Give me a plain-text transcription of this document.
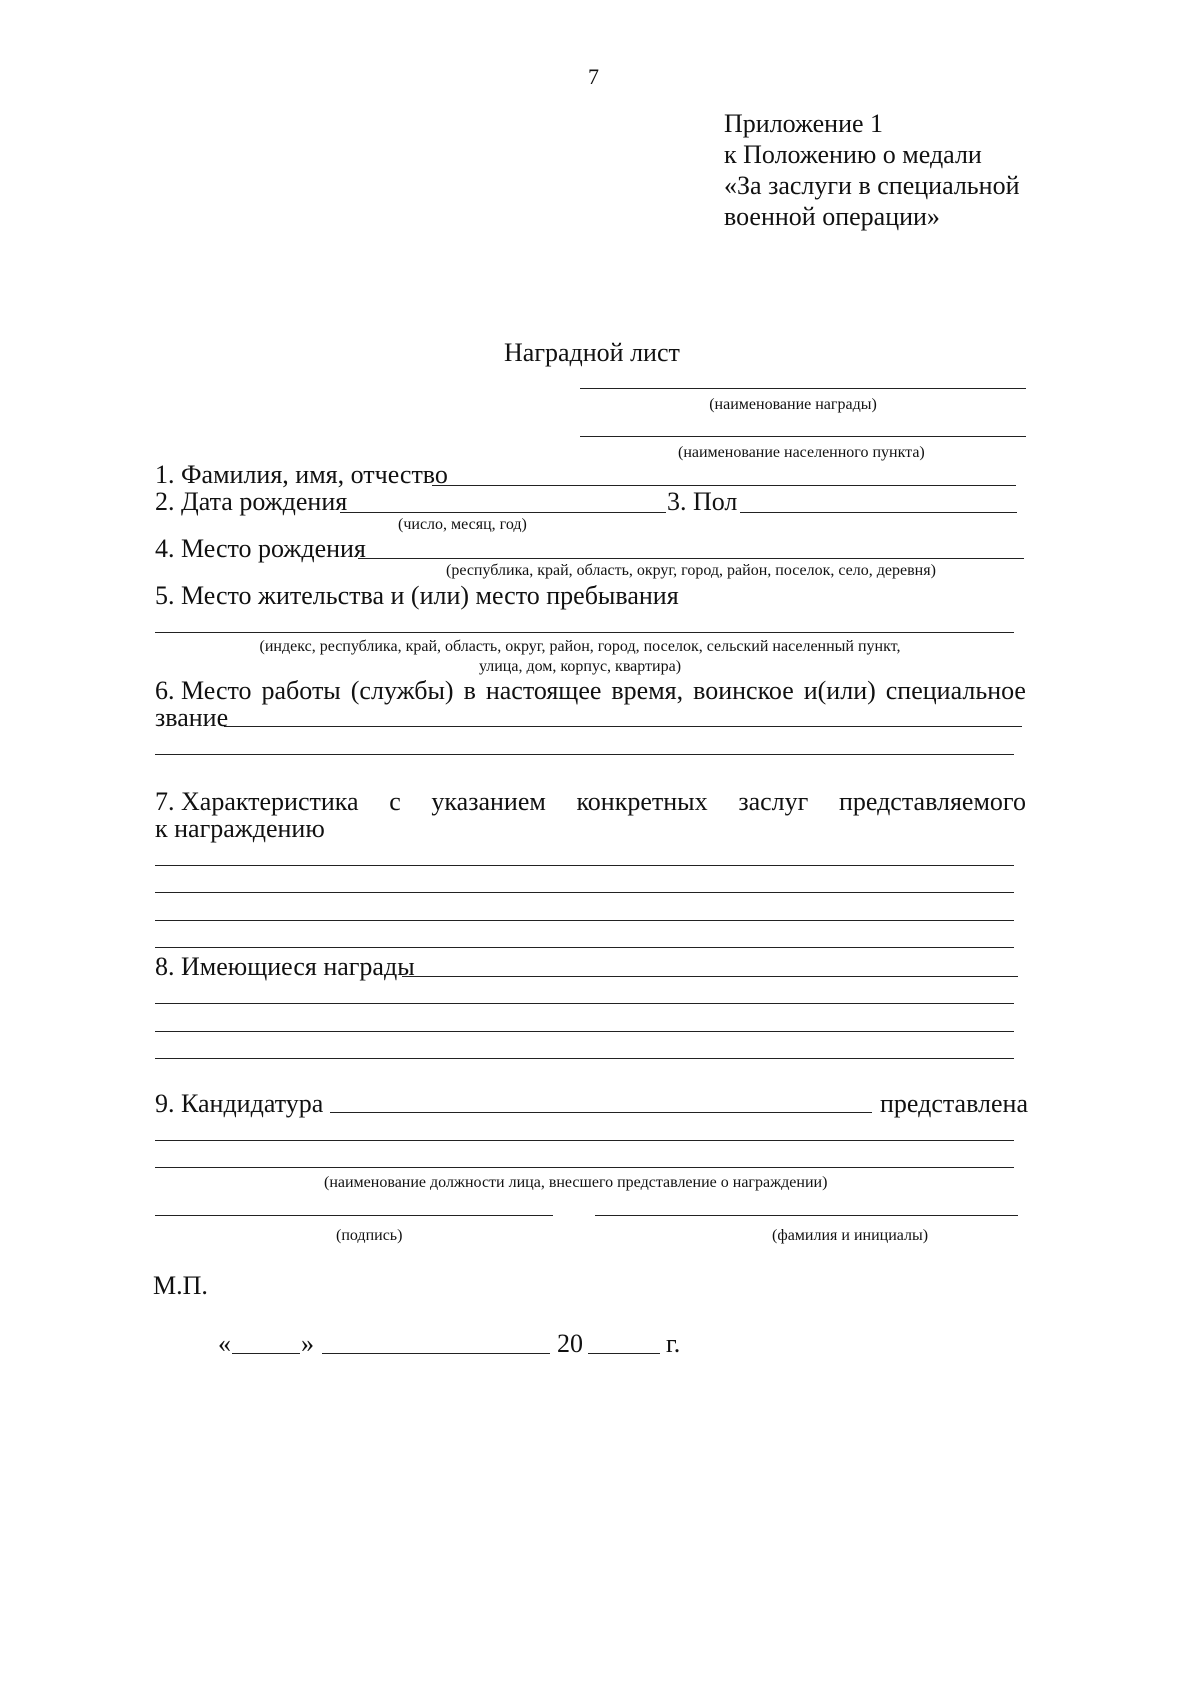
7
Приложение 1
к Положению о медали
«За заслуги в специальной
военной операции»
Наградной лист
(наименование награды)
(наименование населенного пункта)
1. Фамилия, имя, отчество
2. Дата рождения	3. Пол
(число, месяц, год)
4. Место рождения
(республика, край, область, округ, город, район, поселок, село, деревня)
5. Место жительства и (или) место пребывания
(индекс, республика, край, область, округ, район, город, поселок, сельский населенный пункт,
улица, дом, корпус, квартира)
6. Место работы (службы) в настоящее время, воинское и(или) специальное
звание
7. Характеристика с указанием конкретных заслуг представляемого
к награждению
8. Имеющиеся награды
9. Кандидатура	представлена
(наименование должности лица, внесшего представление о награждении)
(подпись)	(фамилия и инициалы)
М.П.
«	»	20	г.
